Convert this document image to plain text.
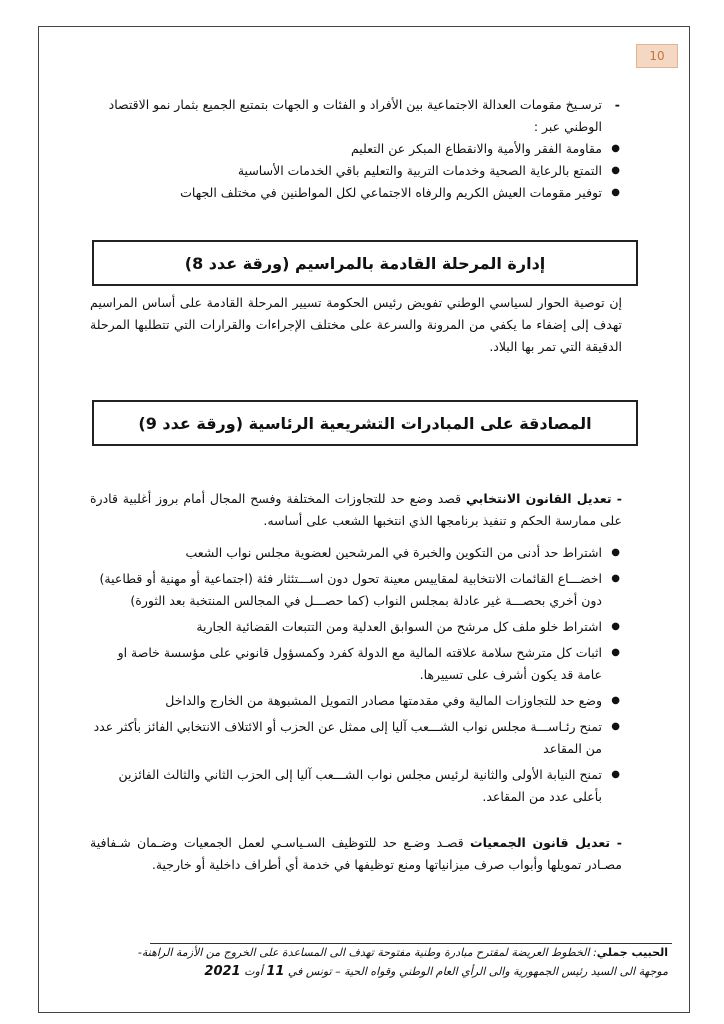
10
-
ترسـيخ مقومات العدالة الاجتماعية بين الأفراد و الفئات و الجهات بتمتيع الجميع بثمار نمو الاقتصاد الوطني عبر :
●
مقاومة الفقر والأمية والانقطاع المبكر عن التعليم
●
التمتع بالرعاية الصحية وخدمات التربية والتعليم باقي الخدمات الأساسية
●
توفير مقومات العيش الكريم والرفاه الاجتماعي لكل المواطنين في مختلف الجهات
إدارة المرحلة القادمة بالمراسيم (ورقة عدد 8)
إن توصية الحوار لسياسي الوطني تفويض رئيس الحكومة تسيير المرحلة القادمة على أساس المراسيم تهدف إلى إضفاء ما يكفي من المرونة والسرعة على مختلف الإجراءات والقرارات التي تتطلبها المرحلة الدقيقة التي تمر بها البلاد.
المصادقة على المبادرات التشريعية الرئاسية (ورقة عدد 9)
- تعديل القانون الانتخابي قصد وضع حد للتجاوزات المختلفة وفسح المجال أمام بروز أغلبية قادرة على ممارسة الحكم و تنفيذ برنامجها الذي انتخبها الشعب على أساسه.
●
اشتراط حد أدنى من التكوين والخبرة في المرشحين لعضوية مجلس نواب الشعب
●
اخضـــاع القائمات الانتخابية لمقاييس معينة تحول دون اســـتئثار فئة (اجتماعية أو مهنية أو قطاعية) دون أخري بحصـــة غير عادلة بمجلس النواب (كما حصـــل في المجالس المنتخبة بعد الثورة)
●
اشتراط خلو ملف كل مرشح من السوابق العدلية ومن التتبعات القضائية الجارية
●
اثبات كل مترشح سلامة علاقته المالية مع الدولة كفرد وكمسؤول قانوني على مؤسسة خاصة او عامة قد يكون أشرف على تسييرها.
●
وضع حد للتجاوزات المالية وفي مقدمتها مصادر التمويل المشبوهة من الخارج والداخل
●
تمنح رئـاســـة مجلس نواب الشـــعب آليا إلى ممثل عن الحزب أو الائتلاف الانتخابي الفائز بأكثر عدد من المقاعد
●
تمنح النيابة الأولى والثانية لرئيس مجلس نواب الشـــعب آليا إلى الحزب الثاني والثالث الفائزين بأعلى عدد من المقاعد.
- تعديل قانون الجمعيات قصـد وضـع حد للتوظيف السـياسـي لعمل الجمعيات وضـمان شـفافية مصـادر تمويلها وأبواب صرف ميزانياتها ومنع توظيفها في خدمة أي أطراف داخلية أو خارجية.
الحبيب جملي: الخطوط العريضة لمقترح مبادرة وطنية مفتوحة تهدف الى المساعدة على الخروج من الأزمة الراهنة-
موجهة الى السيد رئيس الجمهورية والى الرأي العام الوطني وقواه الحية – تونس في 11 أوت 2021
